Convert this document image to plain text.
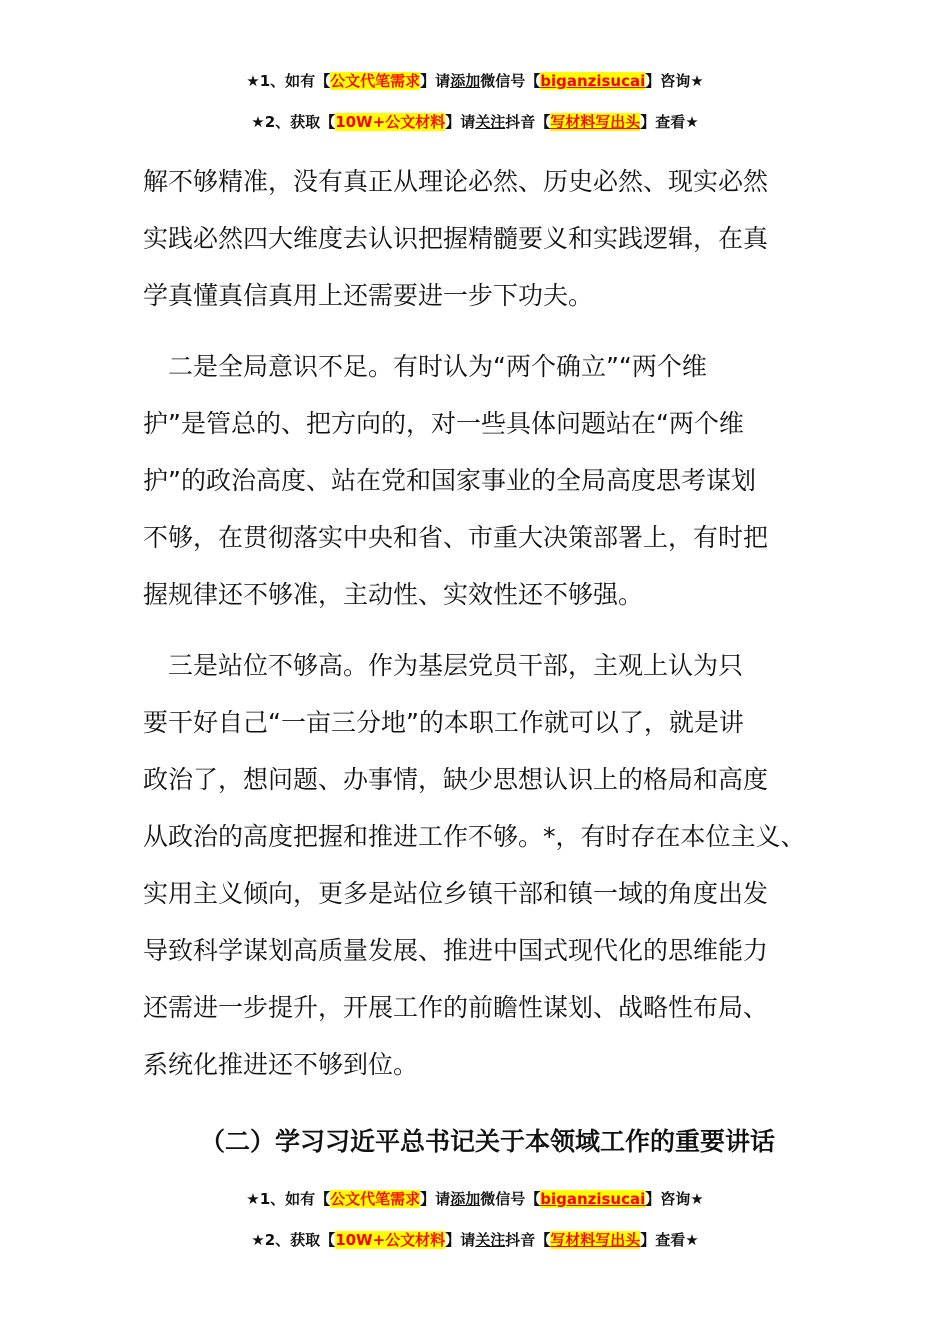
★1、如有【公文代笔需求】请添加微信号【biganzisucai】咨询★
★2、获取【10W+公文材料】请关注抖音【写材料写出头】查看★
解不够精准，没有真正从理论必然、历史必然、现实必然
实践必然四大维度去认识把握精髓要义和实践逻辑，在真
学真懂真信真用上还需要进一步下功夫。
　二是全局意识不足。有时认为“两个确立”“两个维
护”是管总的、把方向的，对一些具体问题站在“两个维
护”的政治高度、站在党和国家事业的全局高度思考谋划
不够，在贯彻落实中央和省、市重大决策部署上，有时把
握规律还不够准，主动性、实效性还不够强。
　三是站位不够高。作为基层党员干部，主观上认为只
要干好自己“一亩三分地”的本职工作就可以了，就是讲
政治了，想问题、办事情，缺少思想认识上的格局和高度
从政治的高度把握和推进工作不够。*，有时存在本位主义、
实用主义倾向，更多是站位乡镇干部和镇一域的角度出发
导致科学谋划高质量发展、推进中国式现代化的思维能力
还需进一步提升，开展工作的前瞻性谋划、战略性布局、
系统化推进还不够到位。
（二）学习习近平总书记关于本领域工作的重要讲话
★1、如有【公文代笔需求】请添加微信号【biganzisucai】咨询★
★2、获取【10W+公文材料】请关注抖音【写材料写出头】查看★
